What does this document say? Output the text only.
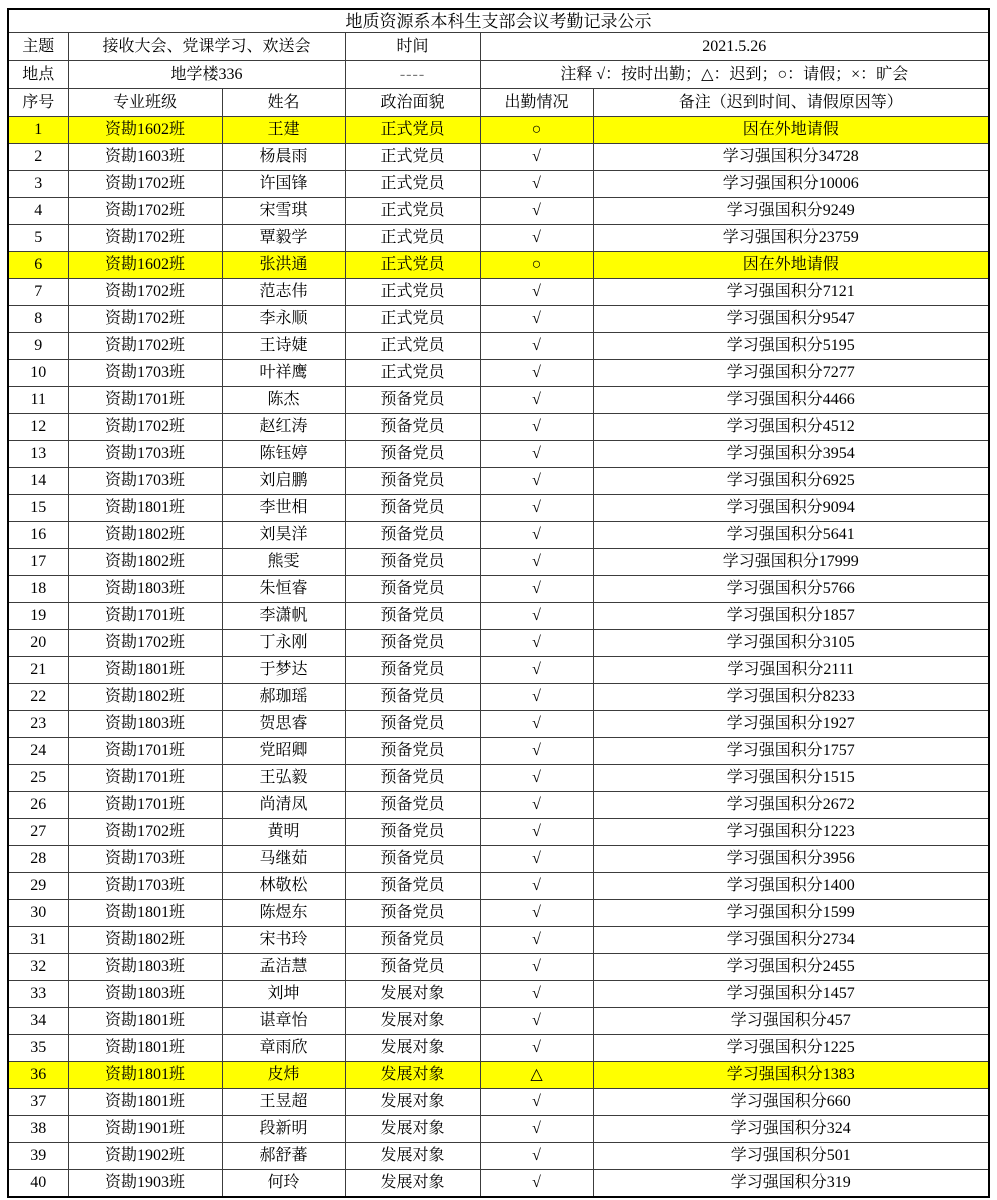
地质资源系本科生支部会议考勤记录公示					
主题	接收大会、党课学习、欢送会		时间	2021.5.26	
地点	地学楼336		----	注释 √：按时出勤；△：迟到；○：请假；×：旷会	
序号	专业班级	姓名	政治面貌	出勤情况	备注（迟到时间、请假原因等）
1	资勘1602班	王建	正式党员	○	因在外地请假
2	资勘1603班	杨晨雨	正式党员	√	学习强国积分34728
3	资勘1702班	许国锋	正式党员	√	学习强国积分10006
4	资勘1702班	宋雪琪	正式党员	√	学习强国积分9249
5	资勘1702班	覃毅学	正式党员	√	学习强国积分23759
6	资勘1602班	张洪通	正式党员	○	因在外地请假
7	资勘1702班	范志伟	正式党员	√	学习强国积分7121
8	资勘1702班	李永顺	正式党员	√	学习强国积分9547
9	资勘1702班	王诗婕	正式党员	√	学习强国积分5195
10	资勘1703班	叶祥鹰	正式党员	√	学习强国积分7277
11	资勘1701班	陈杰	预备党员	√	学习强国积分4466
12	资勘1702班	赵红涛	预备党员	√	学习强国积分4512
13	资勘1703班	陈钰婷	预备党员	√	学习强国积分3954
14	资勘1703班	刘启鹏	预备党员	√	学习强国积分6925
15	资勘1801班	李世相	预备党员	√	学习强国积分9094
16	资勘1802班	刘昊洋	预备党员	√	学习强国积分5641
17	资勘1802班	熊雯	预备党员	√	学习强国积分17999
18	资勘1803班	朱恒睿	预备党员	√	学习强国积分5766
19	资勘1701班	李潇帆	预备党员	√	学习强国积分1857
20	资勘1702班	丁永刚	预备党员	√	学习强国积分3105
21	资勘1801班	于梦达	预备党员	√	学习强国积分2111
22	资勘1802班	郝珈瑶	预备党员	√	学习强国积分8233
23	资勘1803班	贺思睿	预备党员	√	学习强国积分1927
24	资勘1701班	党昭卿	预备党员	√	学习强国积分1757
25	资勘1701班	王弘毅	预备党员	√	学习强国积分1515
26	资勘1701班	尚清凤	预备党员	√	学习强国积分2672
27	资勘1702班	黄明	预备党员	√	学习强国积分1223
28	资勘1703班	马继茹	预备党员	√	学习强国积分3956
29	资勘1703班	林敬松	预备党员	√	学习强国积分1400
30	资勘1801班	陈煜东	预备党员	√	学习强国积分1599
31	资勘1802班	宋书玲	预备党员	√	学习强国积分2734
32	资勘1803班	孟洁慧	预备党员	√	学习强国积分2455
33	资勘1803班	刘坤	发展对象	√	学习强国积分1457
34	资勘1801班	谌章怡	发展对象	√	学习强国积分457
35	资勘1801班	章雨欣	发展对象	√	学习强国积分1225
36	资勘1801班	皮炜	发展对象	△	学习强国积分1383
37	资勘1801班	王昱超	发展对象	√	学习强国积分660
38	资勘1901班	段新明	发展对象	√	学习强国积分324
39	资勘1902班	郝舒蕃	发展对象	√	学习强国积分501
40	资勘1903班	何玲	发展对象	√	学习强国积分319
